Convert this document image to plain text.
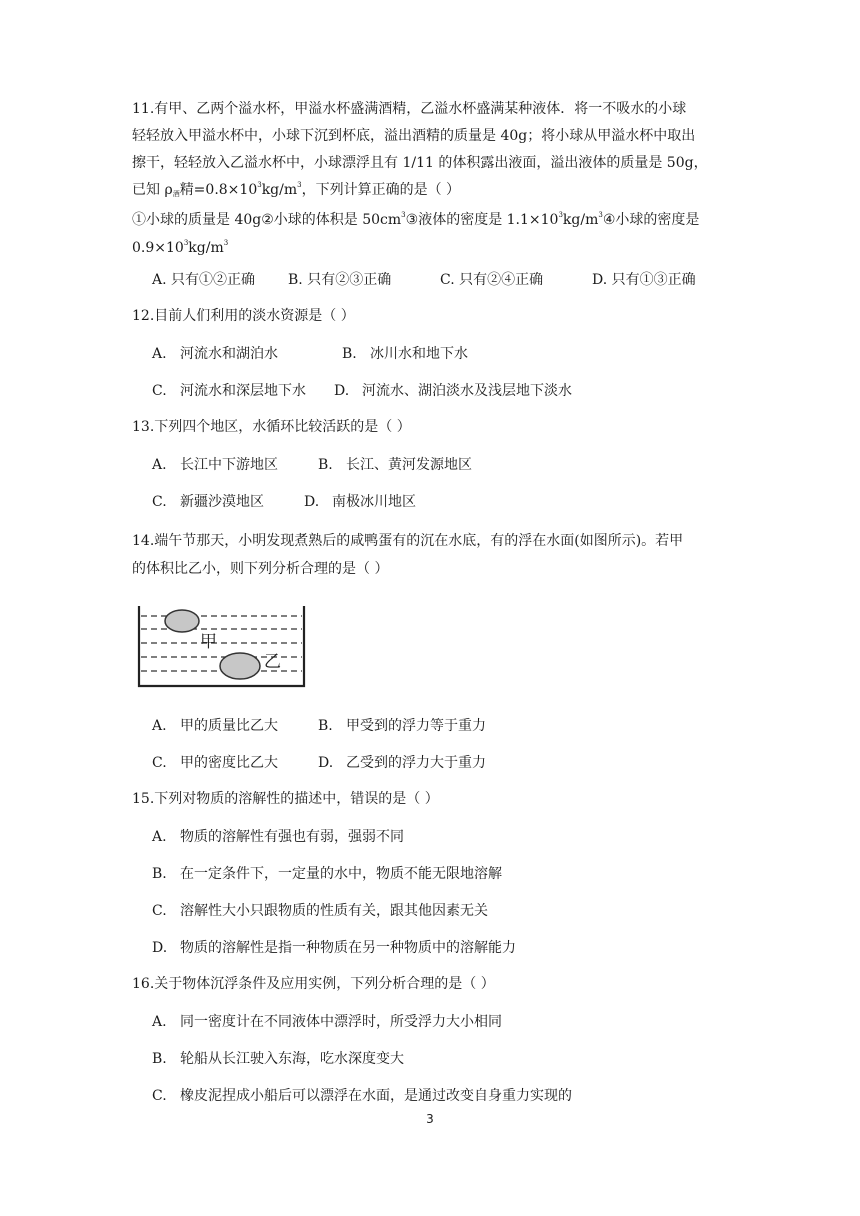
11.有甲、乙两个溢水杯，甲溢水杯盛满酒精，乙溢水杯盛满某种液体．将一不吸水的小球
轻轻放入甲溢水杯中，小球下沉到杯底，溢出酒精的质量是 40g；将小球从甲溢水杯中取出
擦干，轻轻放入乙溢水杯中，小球漂浮且有 1/11 的体积露出液面，溢出液体的质量是 50g，
已知 $\rho_酒$精$=0.8\times 10^3kg/m^3$，下列计算正确的是（ ）
①小球的质量是 40g②小球的体积是 $50cm^3③$液体的密度是 $1.1\times 10^3kg/m^3④$小球的密度是
$0.9\times 10^3kg/m^3$
A. 只有①②正确 B. 只有②③正确	C. 只有②④正确	D. 只有①③正确
12.目前人们利用的淡水资源是（ ）
A. 河流水和湖泊水	B. 冰川水和地下水
C. 河流水和深层地下水 D. 河流水、湖泊淡水及浅层地下淡水
13.下列四个地区，水循环比较活跃的是（ ）
A. 长江中下游地区	B. 长江、黄河发源地区
C. 新疆沙漠地区	D. 南极冰川地区
14.端午节那天，小明发现煮熟后的咸鸭蛋有的沉在水底，有的浮在水面(如图所示)。若甲
的体积比乙小，则下列分析合理的是（ ）
甲
乙
A. 甲的质量比乙大	B. 甲受到的浮力等于重力
C. 甲的密度比乙大	D. 乙受到的浮力大于重力
15.下列对物质的溶解性的描述中，错误的是（ ）
A. 物质的溶解性有强也有弱，强弱不同
B. 在一定条件下，一定量的水中，物质不能无限地溶解
C. 溶解性大小只跟物质的性质有关，跟其他因素无关
D. 物质的溶解性是指一种物质在另一种物质中的溶解能力
16.关于物体沉浮条件及应用实例，下列分析合理的是（ ）
A. 同一密度计在不同液体中漂浮时，所受浮力大小相同
B. 轮船从长江驶入东海，吃水深度变大
C. 橡皮泥捏成小船后可以漂浮在水面，是通过改变自身重力实现的
3
